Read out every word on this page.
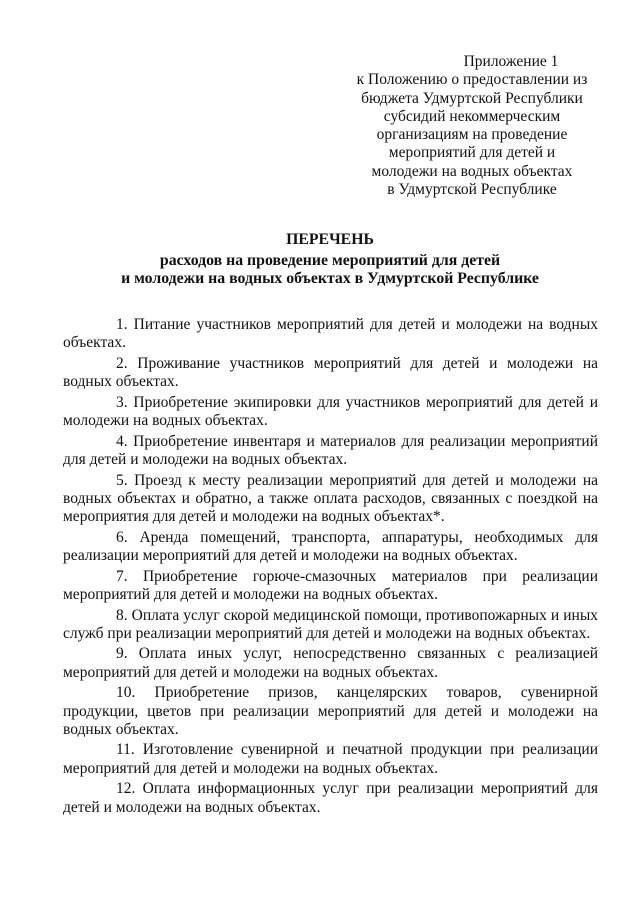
Приложение 1
к Положению о предоставлении из
бюджета Удмуртской Республики
субсидий некоммерческим
организациям на проведение
мероприятий для детей и
молодежи на водных объектах
в Удмуртской Республике
ПЕРЕЧЕНЬ
расходов на проведение мероприятий для детей
и молодежи на водных объектах в Удмуртской Республике

1. Питание участников мероприятий для детей и молодежи на водных объектах.

2. Проживание участников мероприятий для детей и молодежи на водных объектах.

3. Приобретение экипировки для участников мероприятий для детей и молодежи на водных объектах.

4. Приобретение инвентаря и материалов для реализации мероприятий для детей и молодежи на водных объектах.

5. Проезд к месту реализации мероприятий для детей и молодежи на водных объектах и обратно, а также оплата расходов, связанных с поездкой на мероприятия для детей и молодежи на водных объектах*.

6. Аренда помещений, транспорта, аппаратуры, необходимых для реализации мероприятий для детей и молодежи на водных объектах.

7. Приобретение горюче-смазочных материалов при реализации мероприятий для детей и молодежи на водных объектах.

8. Оплата услуг скорой медицинской помощи, противопожарных и иных служб при реализации мероприятий для детей и молодежи на водных объектах.

9. Оплата иных услуг, непосредственно связанных с реализацией мероприятий для детей и молодежи на водных объектах.

10. Приобретение призов, канцелярских товаров, сувенирной продукции, цветов при реализации мероприятий для детей и молодежи на водных объектах.

11. Изготовление сувенирной и печатной продукции при реализации мероприятий для детей и молодежи на водных объектах.

12. Оплата информационных услуг при реализации мероприятий для детей и молодежи на водных объектах.
